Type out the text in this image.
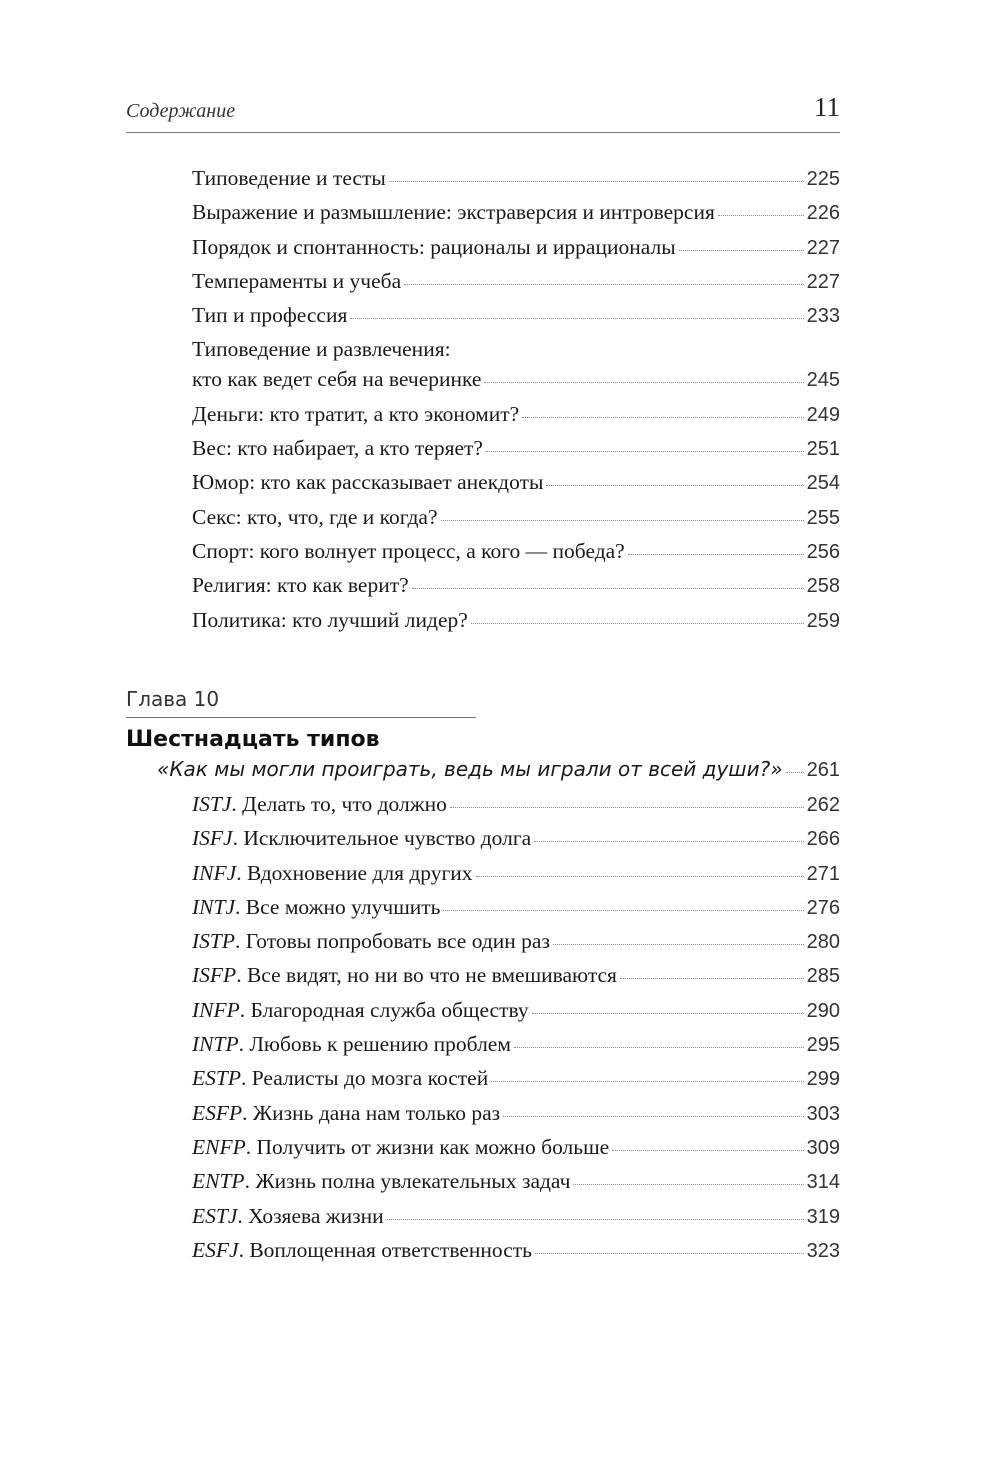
Содержание	11
Типоведение и тесты	225
Выражение и размышление: экстраверсия и интроверсия	226
Порядок и спонтанность: рационалы и иррационалы	227
Темпераменты и учеба	227
Тип и профессия	233
Типоведение и развлечения:
кто как ведет себя на вечеринке	245
Деньги: кто тратит, а кто экономит?	249
Вес: кто набирает, а кто теряет?	251
Юмор: кто как рассказывает анекдоты	254
Секс: кто, что, где и когда?	255
Спорт: кого волнует процесс, а кого — победа?	256
Религия: кто как верит?	258
Политика: кто лучший лидер?	259
Глава 10
Шестнадцать типов
«Как мы могли проиграть, ведь мы играли от всей души?» 261
ISTJ. Делать то, что должно	262
ISFJ. Исключительное чувство долга	266
INFJ. Вдохновение для других	271
INTJ. Все можно улучшить	276
ISTP. Готовы попробовать все один раз	280
ISFP. Все видят, но ни во что не вмешиваются	285
INFP. Благородная служба обществу	290
INTP. Любовь к решению проблем	295
ESTP. Реалисты до мозга костей	299
ESFP. Жизнь дана нам только раз	303
ENFP. Получить от жизни как можно больше	309
ENTP. Жизнь полна увлекательных задач	314
ESTJ. Хозяева жизни	319
ESFJ. Воплощенная ответственность	323
